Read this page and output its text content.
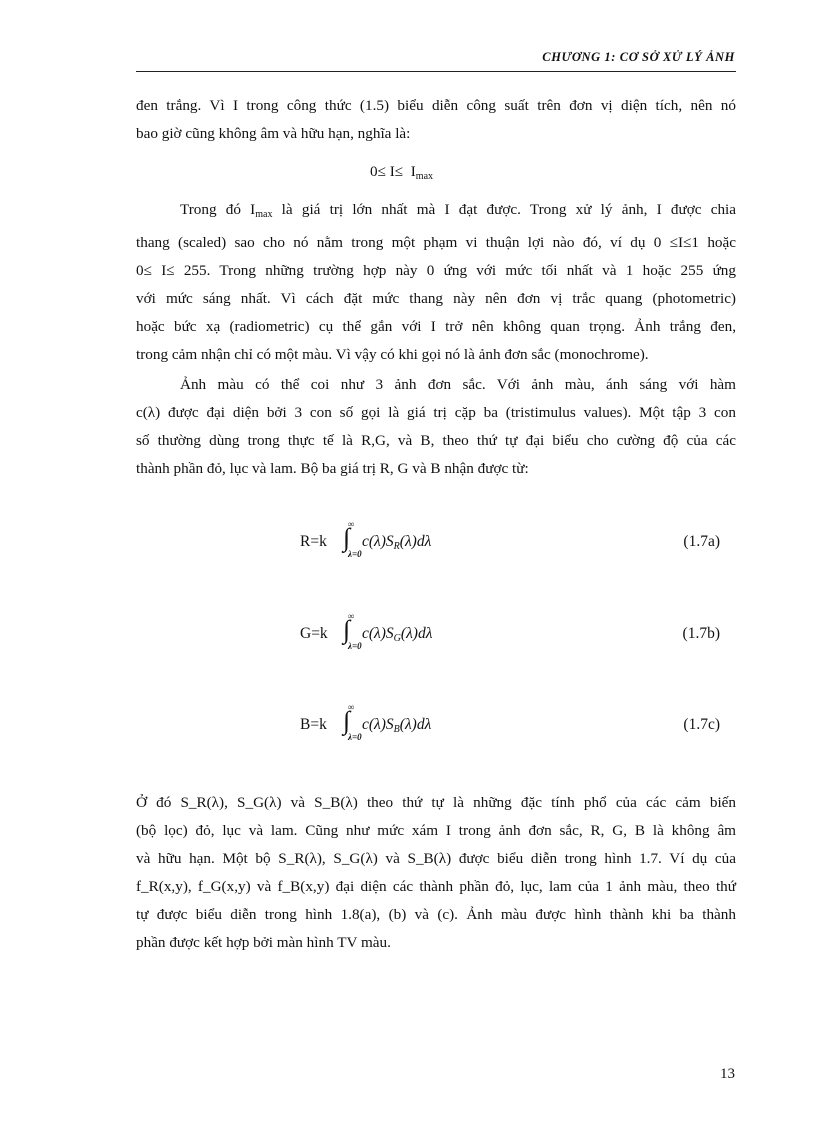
CHƯƠNG 1: CƠ SỞ XỬ LÝ ẢNH
đen trắng. Vì I trong công thức (1.5) biểu diễn công suất trên đơn vị diện tích, nên nó
bao giờ cũng không âm và hữu hạn, nghĩa là:
$0\le I\le I_{max}$
Trong đó $I_{max}$ là giá trị lớn nhất mà I đạt được. Trong xử lý ảnh, I được chia
thang (scaled) sao cho nó nằm trong một phạm vi thuận lợi nào đó, ví dụ 0 ≤I≤1 hoặc
0≤ I≤ 255. Trong những trường hợp này 0 ứng với mức tối nhất và 1 hoặc 255 ứng
với mức sáng nhất. Vì cách đặt mức thang này nên đơn vị trắc quang (photometric)
hoặc bức xạ (radiometric) cụ thể gắn với I trở nên không quan trọng. Ảnh trắng đen,
trong cảm nhận chỉ có một màu. Vì vậy có khi gọi nó là ảnh đơn sắc (monochrome).
Ảnh màu có thể coi như 3 ảnh đơn sắc. Với ảnh màu, ánh sáng với hàm
c(λ) được đại diện bởi 3 con số gọi là giá trị cặp ba (tristimulus values). Một tập 3 con
số thường dùng trong thực tế là R,G, và B, theo thứ tự đại biểu cho cường độ của các
thành phần đỏ, lục và lam. Bộ ba giá trị R, G và B nhận được từ:
R=k ∫
∞
λ=0
$c(\lambda)S_R(\lambda)d\lambda$	(1.7a)
G=k ∫
∞
λ=0
$c(\lambda)S_G(\lambda)d\lambda$	(1.7b)
B=k ∫
∞
λ=0
$c(\lambda)S_B(\lambda)d\lambda$	(1.7c)
Ở đó S_R(λ), S_G(λ) và S_B(λ) theo thứ tự là những đặc tính phổ của các cảm biến
(bộ lọc) đỏ, lục và lam. Cũng như mức xám I trong ảnh đơn sắc, R, G, B là không âm
và hữu hạn. Một bộ S_R(λ), S_G(λ) và S_B(λ) được biểu diễn trong hình 1.7. Ví dụ của
f_R(x,y), f_G(x,y) và f_B(x,y) đại diện các thành phần đỏ, lục, lam của 1 ảnh màu, theo thứ
tự được biểu diễn trong hình 1.8(a), (b) và (c). Ảnh màu được hình thành khi ba thành
phần được kết hợp bởi màn hình TV màu.
13
